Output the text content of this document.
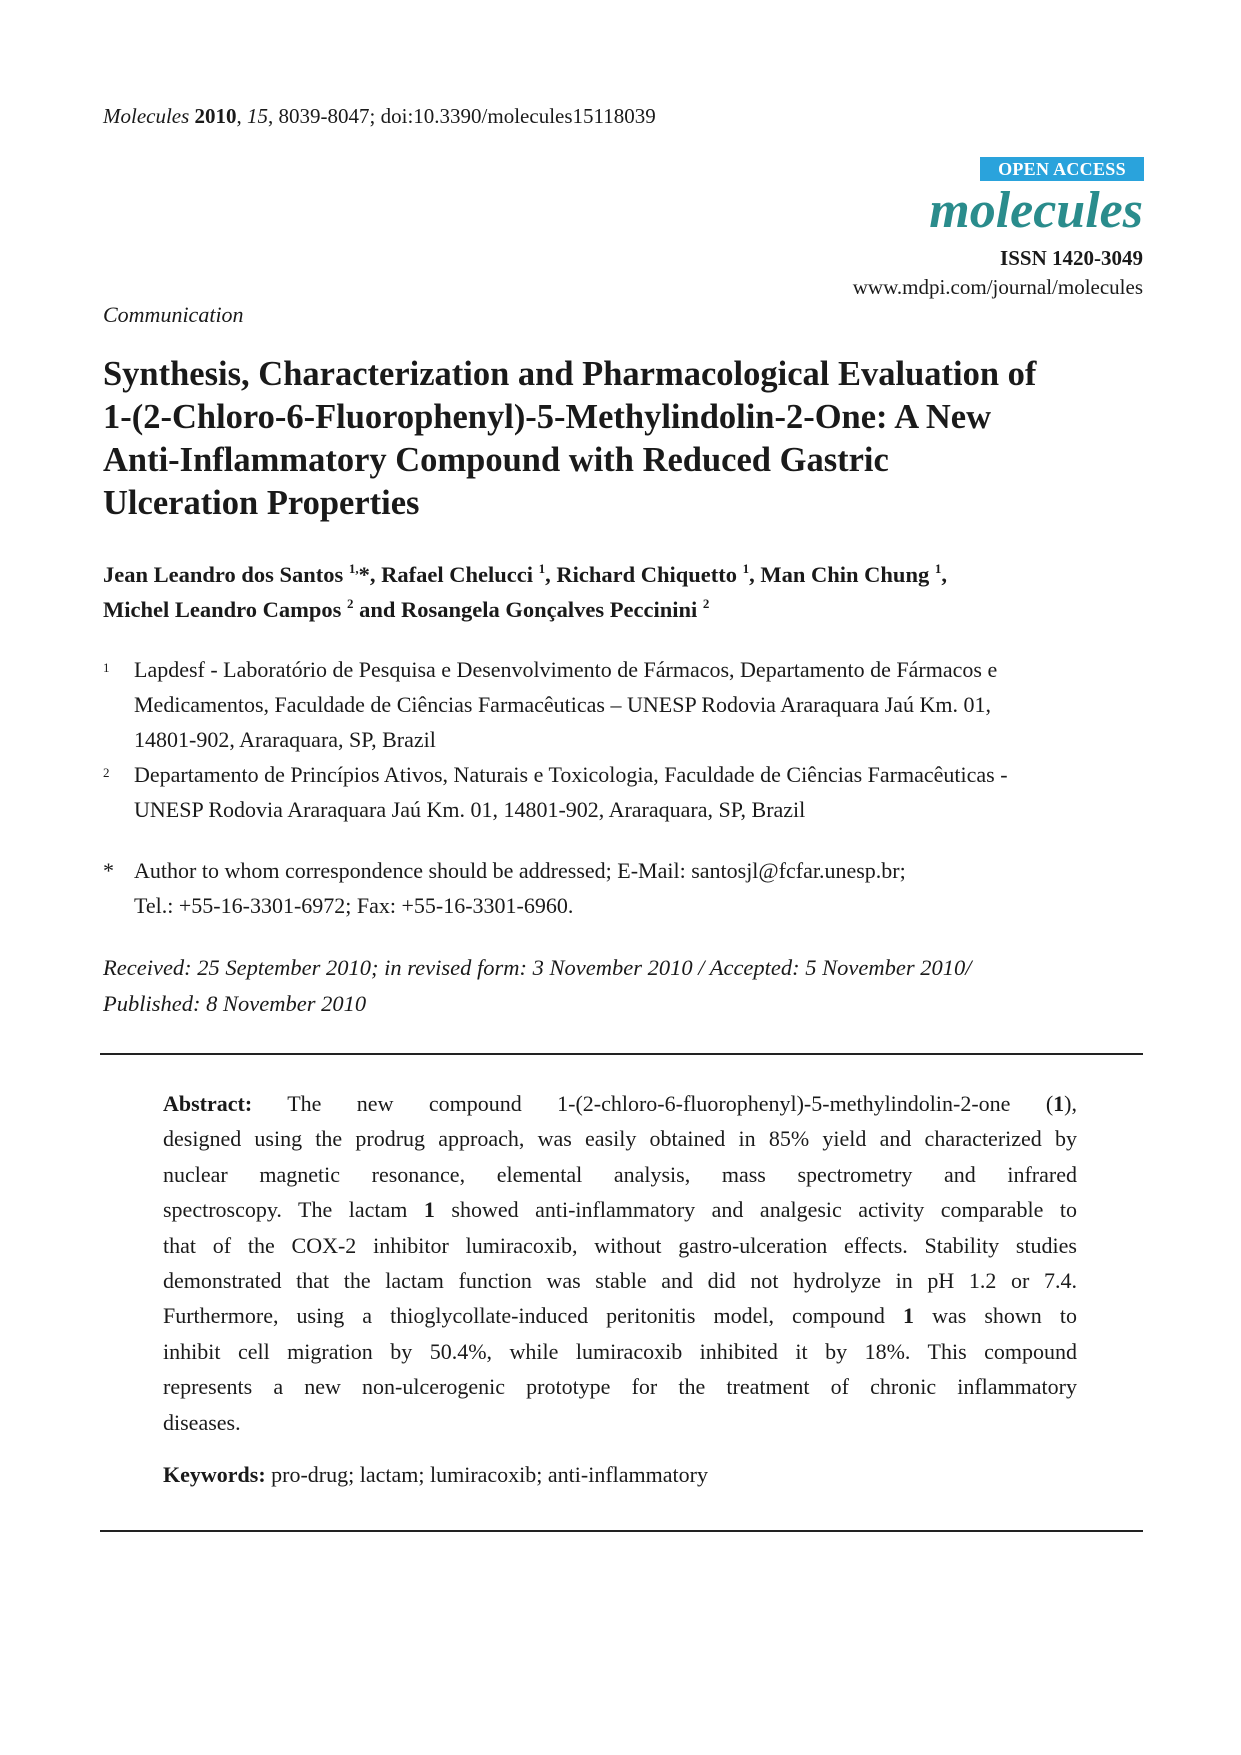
Molecules 2010, 15, 8039-8047; doi:10.3390/molecules15118039
OPEN ACCESS
molecules
ISSN 1420-3049
www.mdpi.com/journal/molecules
Communication
Synthesis, Characterization and Pharmacological Evaluation of
1-(2-Chloro-6-Fluorophenyl)-5-Methylindolin-2-One: A New
Anti-Inflammatory Compound with Reduced Gastric
Ulceration Properties
Jean Leandro dos Santos $^{1,}$*, Rafael Chelucci $^1$, Richard Chiquetto $^1$, Man Chin Chung $^1$,
Michel Leandro Campos $^2$ and Rosangela Gonçalves Peccinini $^2$
1 Lapdesf - Laboratório de Pesquisa e Desenvolvimento de Fármacos, Departamento de Fármacos e
Medicamentos, Faculdade de Ciências Farmacêuticas – UNESP Rodovia Araraquara Jaú Km. 01,
14801-902, Araraquara, SP, Brazil
2 Departamento de Princípios Ativos, Naturais e Toxicologia, Faculdade de Ciências Farmacêuticas -
UNESP Rodovia Araraquara Jaú Km. 01, 14801-902, Araraquara, SP, Brazil
* Author to whom correspondence should be addressed; E-Mail: santosjl@fcfar.unesp.br;
Tel.: +55-16-3301-6972; Fax: +55-16-3301-6960.
Received: 25 September 2010; in revised form: 3 November 2010 / Accepted: 5 November 2010/
Published: 8 November 2010
Abstract: The new compound 1-(2-chloro-6-fluorophenyl)-5-methylindolin-2-one (1),
designed using the prodrug approach, was easily obtained in 85% yield and characterized by
nuclear magnetic resonance, elemental analysis, mass spectrometry and infrared
spectroscopy. The lactam 1 showed anti-inflammatory and analgesic activity comparable to
that of the COX-2 inhibitor lumiracoxib, without gastro-ulceration effects. Stability studies
demonstrated that the lactam function was stable and did not hydrolyze in pH 1.2 or 7.4.
Furthermore, using a thioglycollate-induced peritonitis model, compound 1 was shown to
inhibit cell migration by 50.4%, while lumiracoxib inhibited it by 18%. This compound
represents a new non-ulcerogenic prototype for the treatment of chronic inflammatory
diseases.
Keywords: pro-drug; lactam; lumiracoxib; anti-inflammatory
